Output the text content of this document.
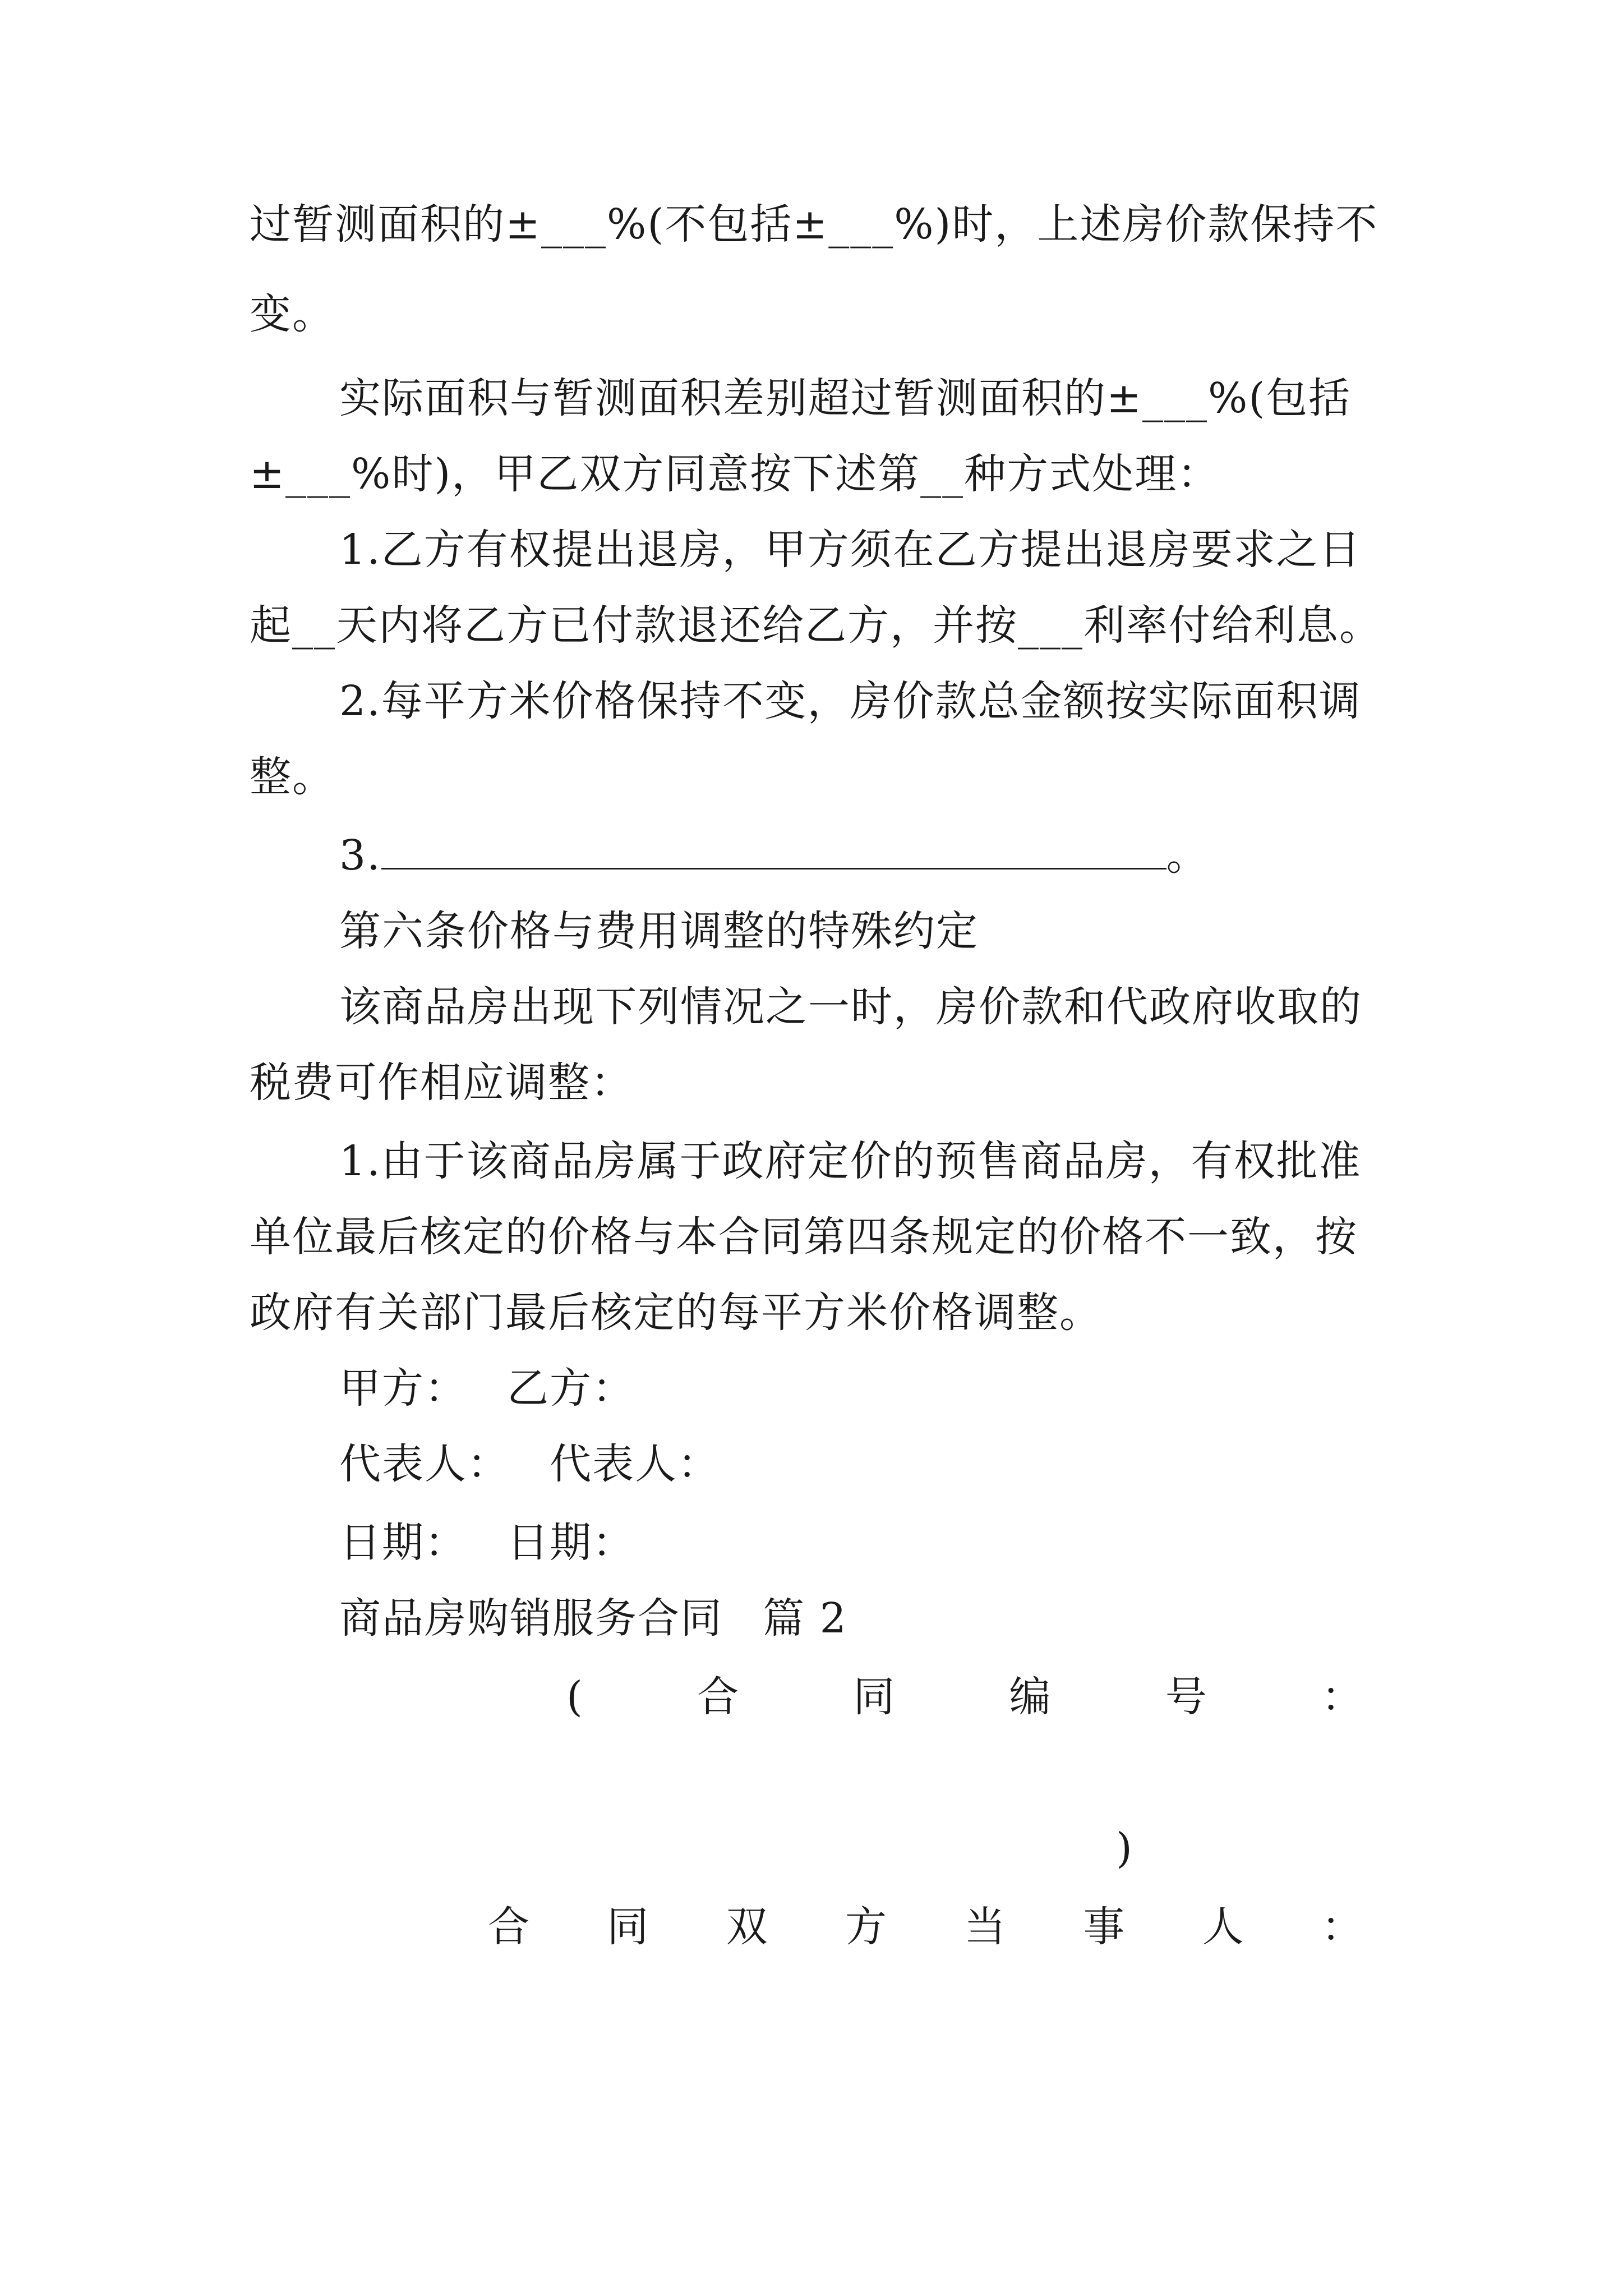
过暂测面积的±___%(不包括±___%)时，上述房价款保持不
变。
实际面积与暂测面积差别超过暂测面积的±___%(包括
±___%时)，甲乙双方同意按下述第__种方式处理：
1.乙方有权提出退房，甲方须在乙方提出退房要求之日
起__天内将乙方已付款退还给乙方，并按___利率付给利息。
2.每平方米价格保持不变，房价款总金额按实际面积调
整。
3.	。
第六条价格与费用调整的特殊约定
该商品房出现下列情况之一时，房价款和代政府收取的
税费可作相应调整：
1.由于该商品房属于政府定价的预售商品房，有权批准
单位最后核定的价格与本合同第四条规定的价格不一致，按
政府有关部门最后核定的每平方米价格调整。
甲方： 乙方：
代表人： 代表人：
日期： 日期：
商品房购销服务合同 篇 2
(	合	同	编	号	：
)
合 同 双 方 当 事 人 ：
